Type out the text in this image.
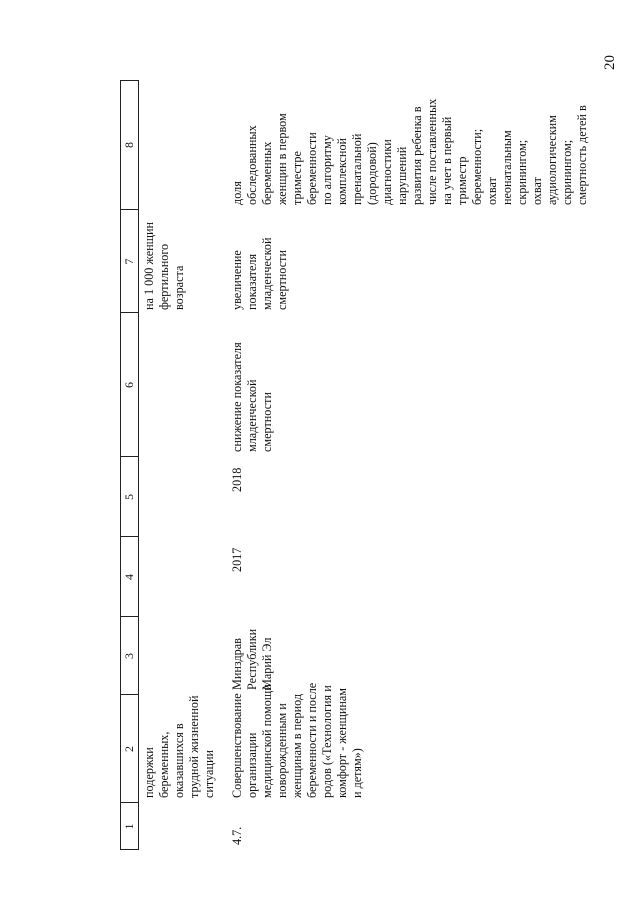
20
1
2
3
4
5
6
7
8
подержки беременных, оказавшихся в трудной жизненной ситуации
на 1 000 женщин фертильного возраста
4.7.
Совершенствование организации медицинской помощи новорожденным и женщинам в период беременности и после родов («Технология и комфорт - женщинам и детям»)
Минздрав Республики Марий Эл
2017
2018
снижение показателя младенческой смертности
увеличение показателя младенческой смертности
доля обследованных беременных женщин в первом триместре беременности по алгоритму комплексной пренатальной (дородовой) диагностики нарушений развития ребенка в числе поставленных на учет в первый триместр беременности; охват неонатальным скринингом; охват аудиологическим скринингом; смертность детей в
